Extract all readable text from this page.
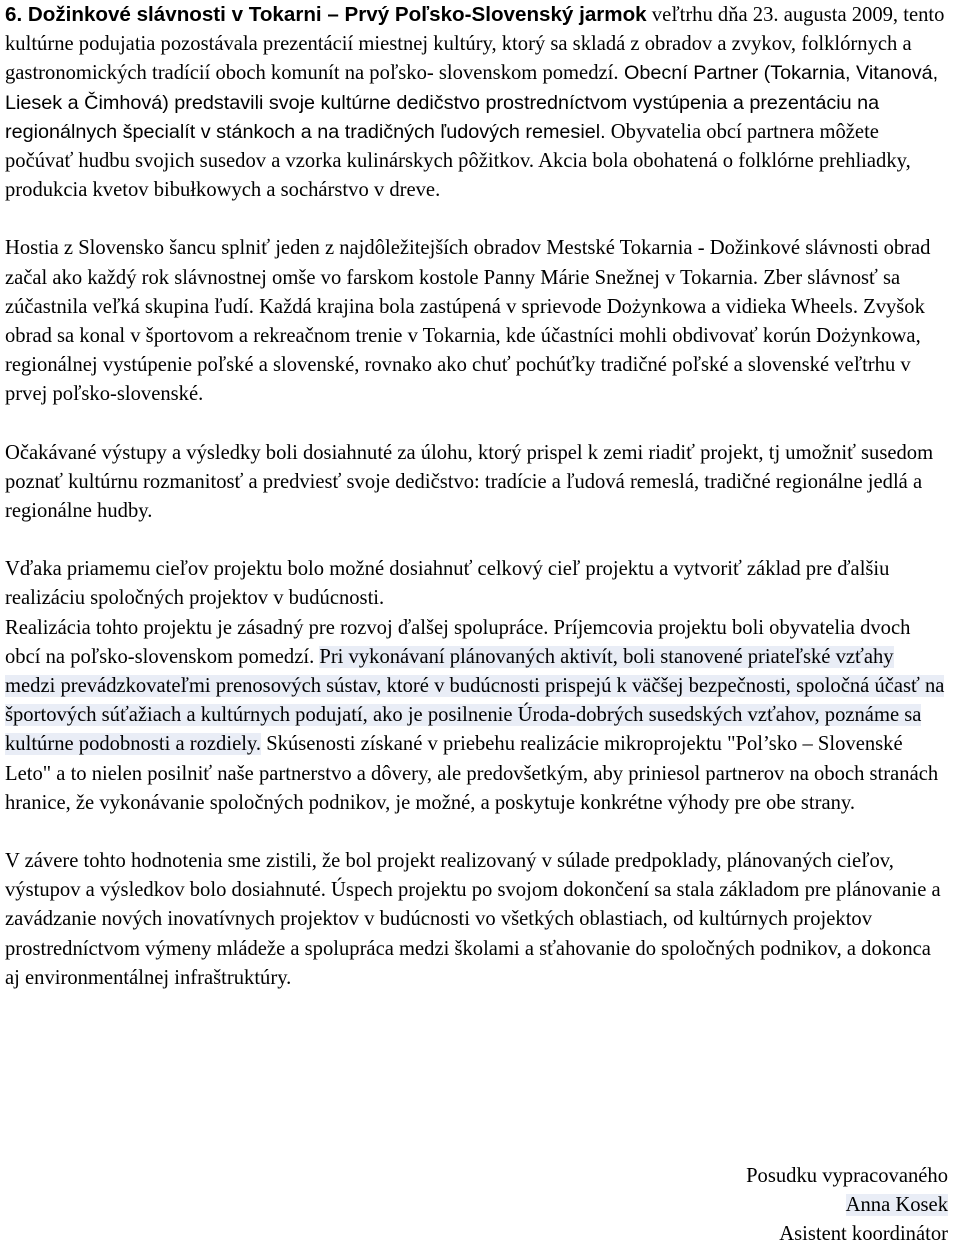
6. Dožinkové slávnosti v Tokarni – Prvý Poľsko-Slovenský jarmok veľtrhu dňa 23. augusta 2009, tento kultúrne podujatia pozostávala prezentácií miestnej kultúry, ktorý sa skladá z obradov a zvykov, folklórnych a gastronomických tradícií oboch komunít na poľsko- slovenskom pomedzí. Obecní Partner (Tokarnia, Vitanová, Liesek a Čimhová) predstavili svoje kultúrne dedičstvo prostredníctvom vystúpenia a prezentáciu na regionálnych špecialít v stánkoch a na tradičných ľudových remesiel. Obyvatelia obcí partnera môžete počúvať hudbu svojich susedov a vzorka kulinárskych pôžitkov. Akcia bola obohatená o folklórne prehliadky, produkcia kvetov bibułkowych a sochárstvo v dreve.

Hostia z Slovensko šancu splniť jeden z najdôležitejších obradov Mestské Tokarnia - Dožinkové slávnosti obrad začal ako každý rok slávnostnej omše vo farskom kostole Panny Márie Snežnej v Tokarnia. Zber slávnosť sa zúčastnila veľká skupina ľudí. Každá krajina bola zastúpená v sprievode Dożynkowa a vidieka Wheels. Zvyšok obrad sa konal v športovom a rekreačnom trenie v Tokarnia, kde účastníci mohli obdivovať korún Dożynkowa, regionálnej vystúpenie poľské a slovenské, rovnako ako chuť pochúťky tradičné poľské a slovenské veľtrhu v prvej poľsko-slovenské.

Očakávané výstupy a výsledky boli dosiahnuté za úlohu, ktorý prispel k zemi riadiť projekt, tj umožniť susedom poznať kultúrnu rozmanitosť a predviesť svoje dedičstvo: tradície a ľudová remeslá, tradičné regionálne jedlá a regionálne hudby.

Vďaka priamemu cieľov projektu bolo možné dosiahnuť celkový cieľ projektu a vytvoriť základ pre ďalšiu realizáciu spoločných projektov v budúcnosti.

Realizácia tohto projektu je zásadný pre rozvoj ďalšej spolupráce. Príjemcovia projektu boli obyvatelia dvoch obcí na poľsko-slovenskom pomedzí. Pri vykonávaní plánovaných aktivít, boli stanovené priateľské vzťahy medzi prevádzkovateľmi prenosových sústav, ktoré v budúcnosti prispejú k väčšej bezpečnosti, spoločná účasť na športových súťažiach a kultúrnych podujatí, ako je posilnenie Úroda-dobrých susedských vzťahov, poznáme sa kultúrne podobnosti a rozdiely. Skúsenosti získané v priebehu realizácie mikroprojektu "Pol’sko – Slovenské Leto" a to nielen posilniť naše partnerstvo a dôvery, ale predovšetkým, aby priniesol partnerov na oboch stranách hranice, že vykonávanie spoločných podnikov, je možné, a poskytuje konkrétne výhody pre obe strany.

V závere tohto hodnotenia sme zistili, že bol projekt realizovaný v súlade predpoklady, plánovaných cieľov, výstupov a výsledkov bolo dosiahnuté. Úspech projektu po svojom dokončení sa stala základom pre plánovanie a zavádzanie nových inovatívnych projektov v budúcnosti vo všetkých oblastiach, od kultúrnych projektov prostredníctvom výmeny mládeže a spolupráca medzi školami a sťahovanie do spoločných podnikov, a dokonca aj environmentálnej infraštruktúry.

Posudku vypracovaného
Anna Kosek
Asistent koordinátor
